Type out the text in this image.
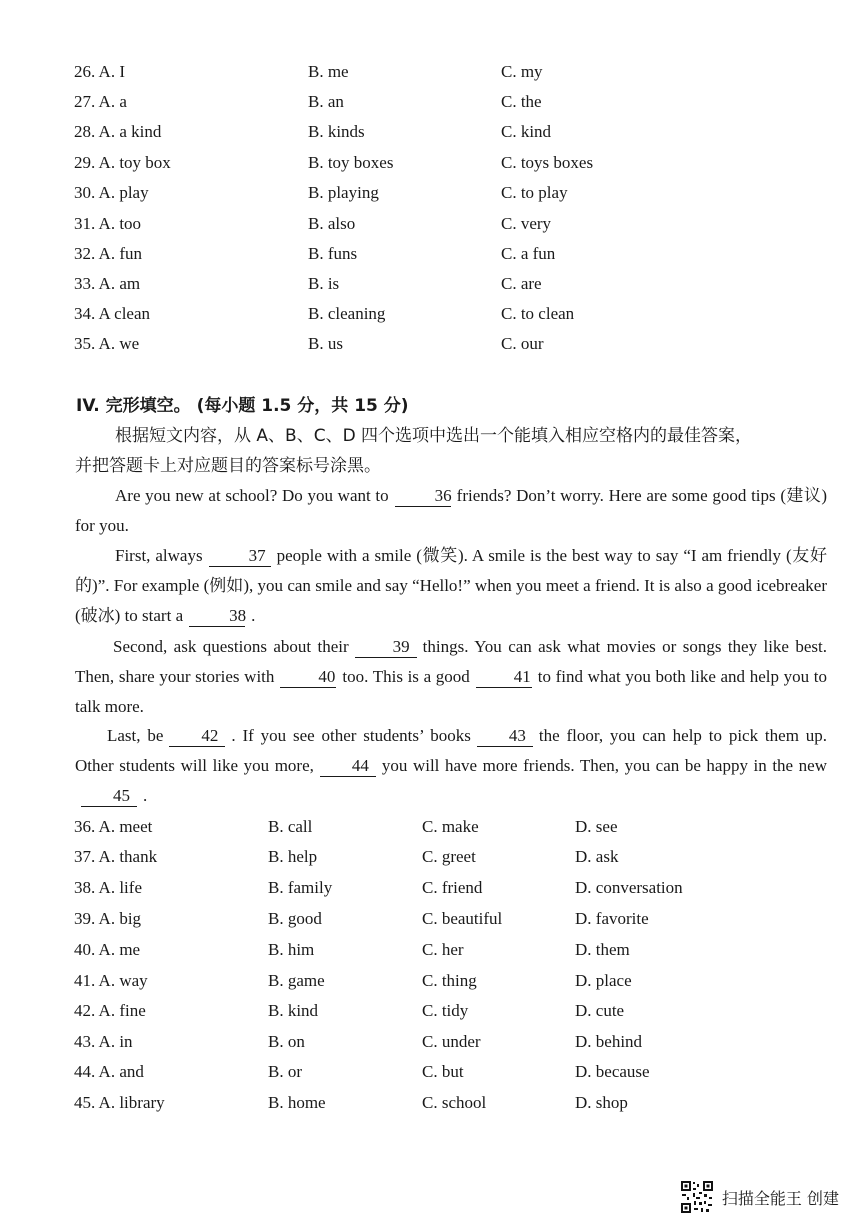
26. A. I	B. me	C. my
27. A. a	B. an	C. the
28. A. a kind	B. kinds	C. kind
29. A. toy box	B. toy boxes	C. toys boxes
30. A. play	B. playing	C. to play
31. A. too	B. also	C. very
32. A. fun	B. funs	C. a fun
33. A. am	B. is	C. are
34. A clean	B. cleaning	C. to clean
35. A. we	B. us	C. our
IV. 完形填空。 (每小题 1.5 分，共 15 分)
根据短文内容，从 A、B、C、D 四个选项中选出一个能填入相应空格内的最佳答案，
并把答题卡上对应题目的答案标号涂黑。
Are you new at school? Do you want to	36 friends? Don’t worry. Here are some good tips (建议) for you.
First, always	37 people with a smile (微笑). A smile is the best way to say “I am friendly (友好的)”. For example (例如), you can smile and say “Hello!” when you meet a friend. It is also a good icebreaker (破冰) to start a	38 .
Second, ask questions about their	39 things. You can ask what movies or songs they like best. Then, share your stories with	40 too. This is a good	41 to find what you both like and help you to talk more.
Last, be 42 . If you see other students’ books 43 the floor, you can help to pick them up. Other students will like you more, 44 you will have more friends. Then, you can be happy in the new45 .
36. A. meet	B. call	C. make	D. see
37. A. thank	B. help	C. greet	D. ask
38. A. life	B. family	C. friend	D. conversation
39. A. big	B. good	C. beautiful	D. favorite
40. A. me	B. him	C. her	D. them
41. A. way	B. game	C. thing	D. place
42. A. fine	B. kind	C. tidy	D. cute
43. A. in	B. on	C. under	D. behind
44. A. and	B. or	C. but	D. because
45. A. library	B. home	C. school	D. shop
扫描全能王 创建
